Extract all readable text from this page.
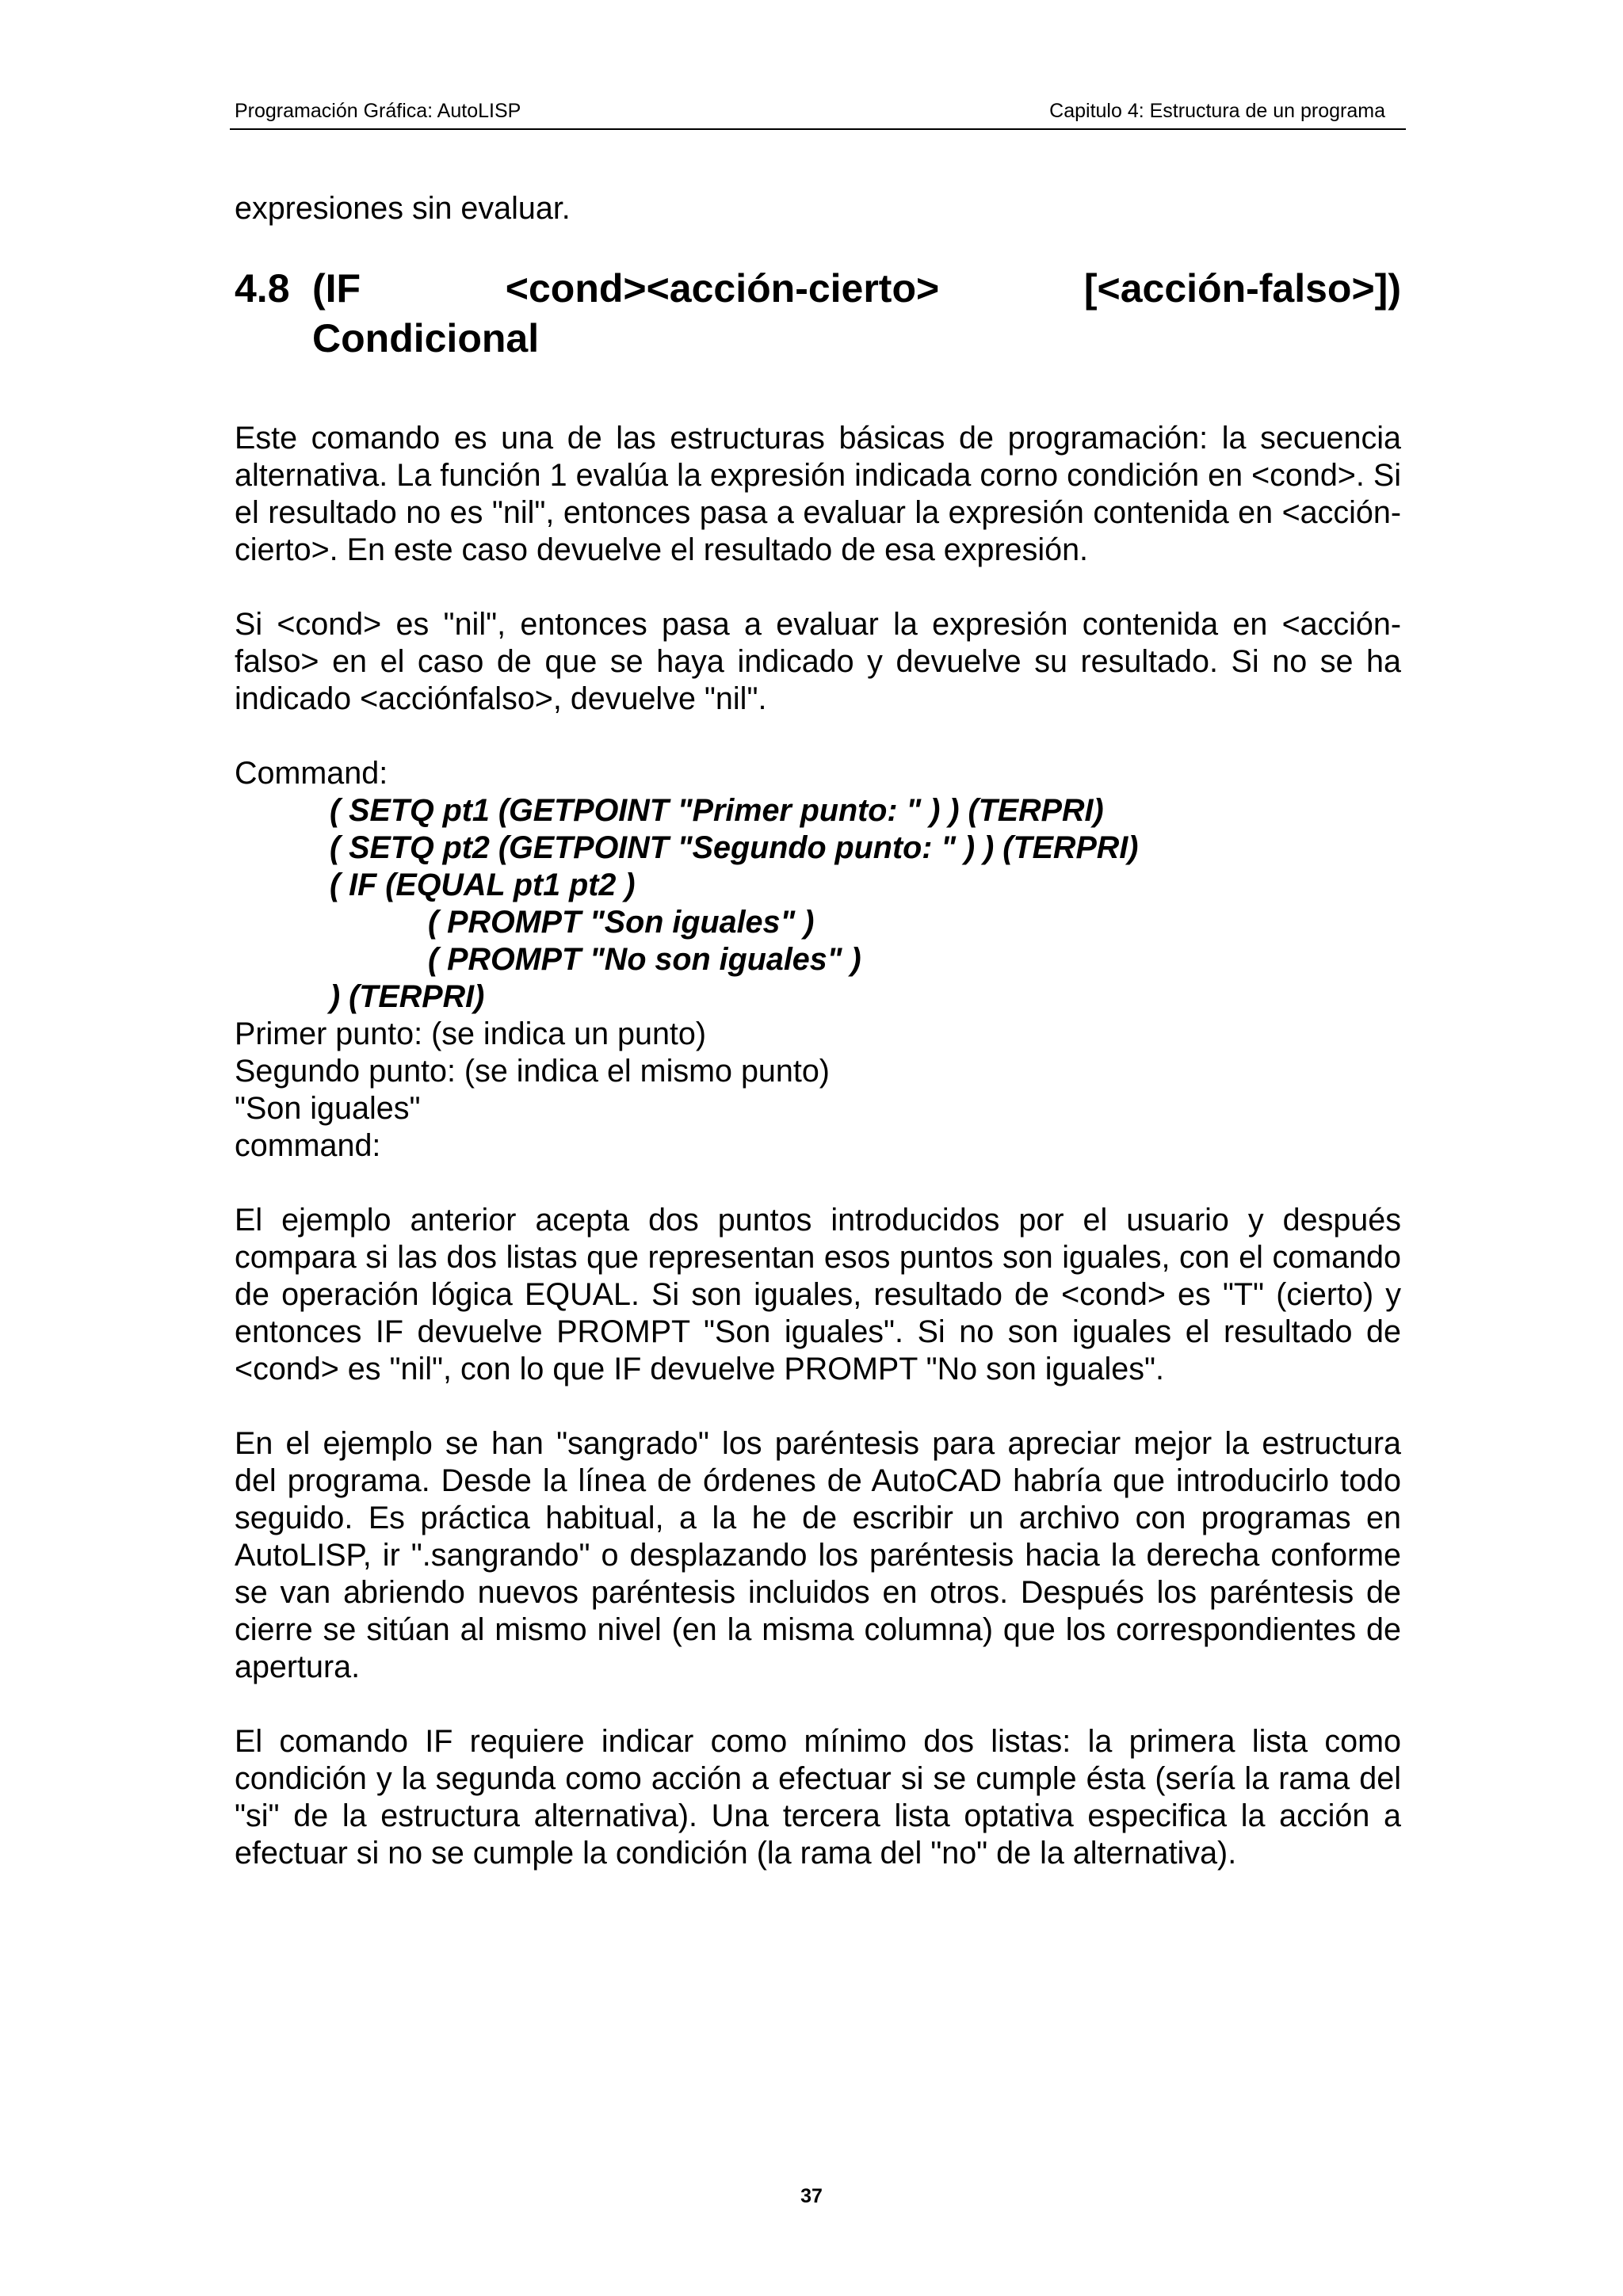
Programación Gráfica: AutoLISP	Capitulo 4: Estructura de un programa

expresiones sin evaluar.

4.8 (IF	<cond><acción-cierto>	[<acción-falso>])
Condicional

Este comando es una de las estructuras básicas de programación: la secuencia alternativa. La función 1 evalúa la expresión indicada corno condición en <cond>. Si el resultado no es "nil", entonces pasa a evaluar la expresión contenida en <acción-cierto>. En este caso devuelve el resultado de esa expresión.

Si <cond> es "nil", entonces pasa a evaluar la expresión contenida en <acción-falso> en el caso de que se haya indicado y devuelve su resultado. Si no se ha indicado <acciónfalso>, devuelve "nil".

Command:

( SETQ pt1 (GETPOINT "Primer punto: " ) ) (TERPRI)

( SETQ pt2 (GETPOINT "Segundo punto: " ) ) (TERPRI)

( IF (EQUAL pt1 pt2 )

( PROMPT "Son iguales" )

( PROMPT "No son iguales" )

) (TERPRI)

Primer punto: (se indica un punto)

Segundo punto: (se indica el mismo punto)

"Son iguales"

command:

El ejemplo anterior acepta dos puntos introducidos por el usuario y después compara si las dos listas que representan esos puntos son iguales, con el comando de operación lógica EQUAL. Si son iguales, resultado de <cond> es "T" (cierto) y entonces IF devuelve PROMPT "Son iguales". Si no son iguales el resultado de <cond> es "nil", con lo que IF devuelve PROMPT "No son iguales".

En el ejemplo se han "sangrado" los paréntesis para apreciar mejor la estructura del programa. Desde la línea de órdenes de AutoCAD habría que introducirlo todo seguido. Es práctica habitual, a la he de escribir un archivo con programas en AutoLISP, ir ".sangrando" o desplazando los paréntesis hacia la derecha conforme se van abriendo nuevos paréntesis incluidos en otros. Después los paréntesis de cierre se sitúan al mismo nivel (en la misma columna) que los correspondientes de apertura.

El comando IF requiere indicar como mínimo dos listas: la primera lista como condición y la segunda como acción a efectuar si se cumple ésta (sería la rama del "si" de la estructura alternativa). Una tercera lista optativa especifica la acción a efectuar si no se cumple la condición (la rama del "no" de la alternativa).

37
